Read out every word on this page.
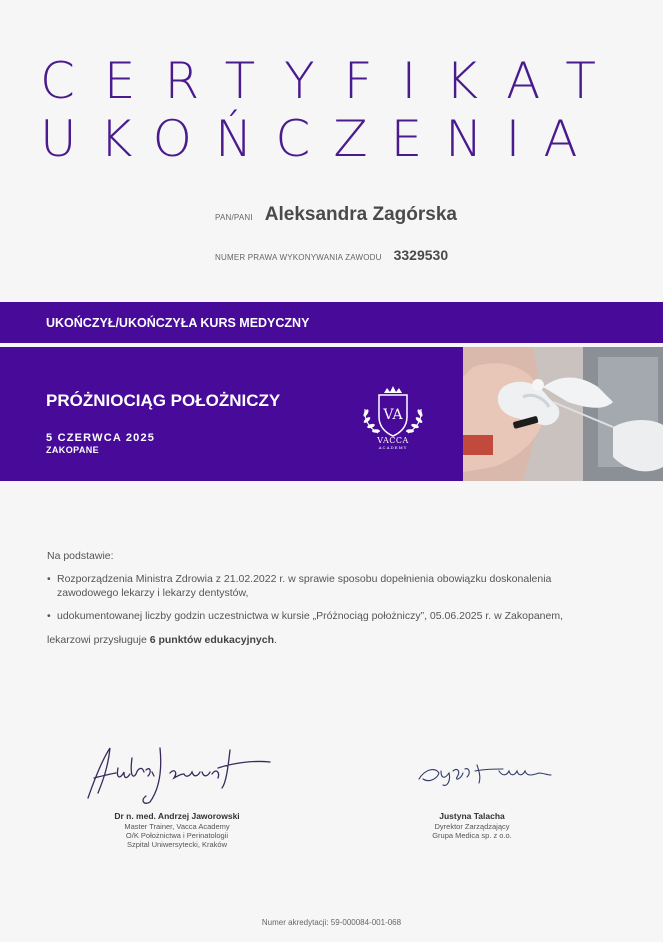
CERTYFIKAT
UKOŃCZENIA
PAN/PANI Aleksandra Zagórska
NUMER PRAWA WYKONYWANIA ZAWODU 3329530
UKOŃCZYŁ/UKOŃCZYŁA KURS MEDYCZNY
PRÓŻNIOCIĄG POŁOŻNICZY
5 CZERWCA 2025
ZAKOPANE
VA
VACCA
ACADEMY

Na podstawie:

• Rozporządzenia Ministra Zdrowia z 21.02.2022 r. w sprawie sposobu dopełnienia obowiązku doskonalenia zawodowego lekarzy i lekarzy dentystów,
• udokumentowanej liczby godzin uczestnictwa w kursie „Próżnociąg położniczy”, 05.06.2025 r. w Zakopanem,
lekarzowi przysługuje 6 punktów edukacyjnych.
Dr n. med. Andrzej Jaworowski
Master Trainer, Vacca Academy
O/K Położnictwa i Perinatologii
Szpital Uniwersytecki, Kraków
Justyna Talacha
Dyrektor Zarządzający
Grupa Medica sp. z o.o.
Numer akredytacji: 59-000084-001-068
